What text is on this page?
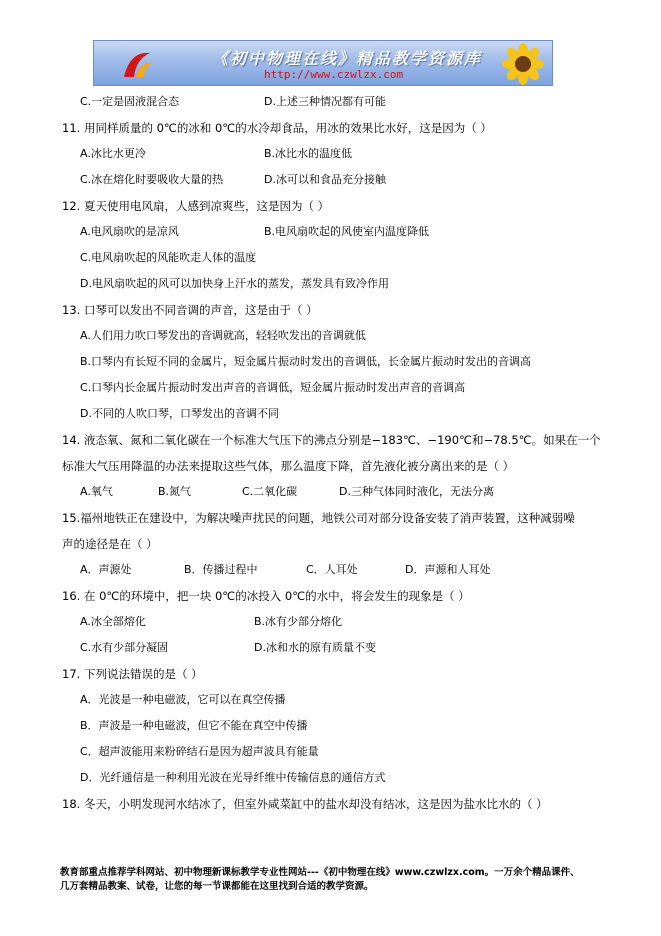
《初中物理在线》精品教学资源库
http://www.czwlzx.com
C.一定是固液混合态	D.上述三种情况都有可能
11. 用同样质量的 0℃的冰和 0℃的水冷却食品，用冰的效果比水好，这是因为（ ）
A.冰比水更冷	B.冰比水的温度低
C.冰在熔化时要吸收大量的热	D.冰可以和食品充分接触
12. 夏天使用电风扇，人感到凉爽些，这是因为（ ）
A.电风扇吹的是凉风	B.电风扇吹起的风使室内温度降低
C.电风扇吹起的风能吹走人体的温度
D.电风扇吹起的风可以加快身上汗水的蒸发，蒸发具有致冷作用
13. 口琴可以发出不同音调的声音，这是由于（ ）
A.人们用力吹口琴发出的音调就高，轻轻吹发出的音调就低
B.口琴内有长短不同的金属片，短金属片振动时发出的音调低，长金属片振动时发出的音调高
C.口琴内长金属片振动时发出声音的音调低，短金属片振动时发出声音的音调高
D.不同的人吹口琴，口琴发出的音调不同
14. 液态氧、氮和二氧化碳在一个标准大气压下的沸点分别是−183℃、−190℃和−78.5℃。如果在一个
标准大气压用降温的办法来提取这些气体，那么温度下降，首先液化被分离出来的是（ ）
A.氧气	B.氮气	C.二氧化碳	D.三种气体同时液化，无法分离
15.福州地铁正在建设中，为解决噪声扰民的问题，地铁公司对部分设备安装了消声装置，这种减弱噪
声的途径是在（ ）
A．声源处	B．传播过程中	C．人耳处	D．声源和人耳处
16. 在 0℃的环境中，把一块 0℃的冰投入 0℃的水中，将会发生的现象是（ ）
A.冰全部熔化	B.冰有少部分熔化
C.水有少部分凝固	D.冰和水的原有质量不变
17. 下列说法错误的是（ ）
A．光波是一种电磁波，它可以在真空传播
B．声波是一种电磁波，但它不能在真空中传播
C．超声波能用来粉碎结石是因为超声波具有能量
D．光纤通信是一种利用光波在光导纤维中传输信息的通信方式
18. 冬天，小明发现河水结冰了，但室外咸菜缸中的盐水却没有结冰，这是因为盐水比水的（ ）
教育部重点推荐学科网站、初中物理新课标教学专业性网站---《初中物理在线》www.czwlzx.com。一万余个精品课件、
几万套精品教案、试卷，让您的每一节课都能在这里找到合适的教学资源。
